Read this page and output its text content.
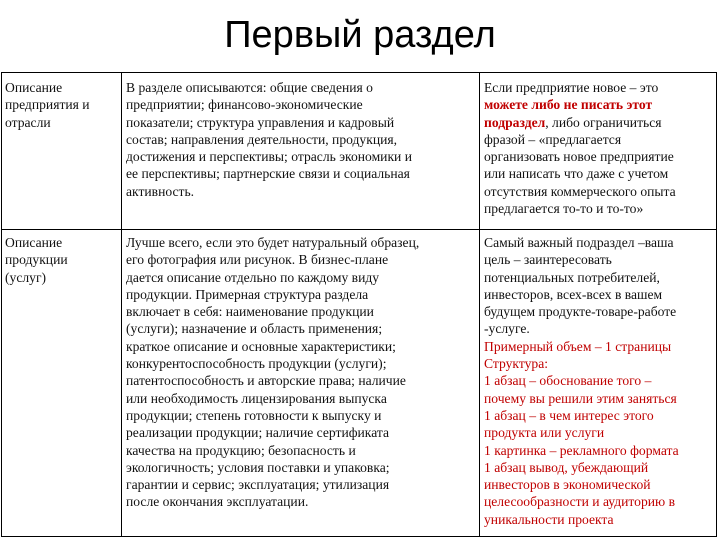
Первый раздел
Описание
предприятия и
отрасли
В разделе описываются: общие сведения о
предприятии; финансово-экономические
показатели; структура управления и кадровый
состав; направления деятельности, продукция,
достижения и перспективы; отрасль экономики и
ее перспективы; партнерские связи и социальная
активность.
Если предприятие новое – это
можете либо не писать этот
подраздел, либо ограничиться
фразой – «предлагается
организовать новое предприятие
или написать что даже с учетом
отсутствия коммерческого опыта
предлагается то-то и то-то»
Описание
продукции
(услуг)
Лучше всего, если это будет натуральный образец,
его фотография или рисунок. В бизнес-плане
дается описание отдельно по каждому виду
продукции. Примерная структура раздела
включает в себя: наименование продукции
(услуги); назначение и область применения;
краткое описание и основные характеристики;
конкурентоспособность продукции (услуги);
патентоспособность и авторские права; наличие
или необходимость лицензирования выпуска
продукции; степень готовности к выпуску и
реализации продукции; наличие сертификата
качества на продукцию; безопасность и
экологичность; условия поставки и упаковка;
гарантии и сервис; эксплуатация; утилизация
после окончания эксплуатации.
Самый важный подраздел –ваша
цель – заинтересовать
потенциальных потребителей,
инвесторов, всех-всех в вашем
будущем продукте-товаре-работе
-услуге.
Примерный объем – 1 страницы
Структура:
1 абзац – обоснование того –
почему вы решили этим заняться
1 абзац – в чем интерес этого
продукта или услуги
1 картинка – рекламного формата
1 абзац вывод, убеждающий
инвесторов в экономической
целесообразности и аудиторию в
уникальности проекта
